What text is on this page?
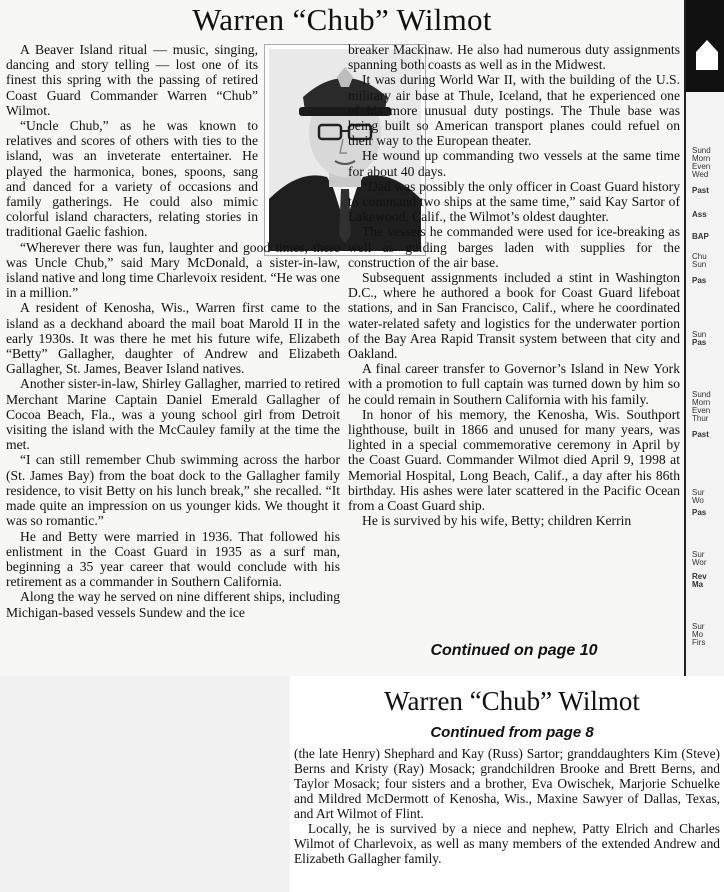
Sund
Morn
Even
Wed
Past
Ass
BAP
Chu
Sun
Pas
Sun
Pas
Sund
Morn
Even
Thur
Past
Sur
Wo
Pas
Sur
Wor
Rev
Ma
Sur
Mo
Firs
Warren “Chub” Wilmot

A Beaver Island ritual — music, singing, dancing and story telling — lost one of its finest this spring with the passing of retired Coast Guard Commander Warren “Chub” Wilmot.

“Uncle Chub,” as he was known to relatives and scores of others with ties to the island, was an inveterate entertainer. He played the harmonica, bones, spoons, sang and danced for a variety of occasions and family gatherings. He could also mimic colorful island characters, relating stories in traditional Gaelic fashion.

“Wherever there was fun, laughter and good times, there was Uncle Chub,” said Mary McDonald, a sister-in-law, island native and long time Charlevoix resident. “He was one in a million.”

A resident of Kenosha, Wis., Warren first came to the island as a deckhand aboard the mail boat Marold II in the early 1930s. It was there he met his future wife, Elizabeth “Betty” Gallagher, daughter of Andrew and Elizabeth Gallagher, St. James, Beaver Island natives.

Another sister-in-law, Shirley Gallagher, married to retired Merchant Marine Captain Daniel Emerald Gallagher of Cocoa Beach, Fla., was a young school girl from Detroit visiting the island with the McCauley family at the time the met.

“I can still remember Chub swimming across the harbor (St. James Bay) from the boat dock to the Gallagher family residence, to visit Betty on his lunch break,” she recalled. “It made quite an impression on us younger kids. We thought it was so romantic.”

He and Betty were married in 1936. That followed his enlistment in the Coast Guard in 1935 as a surf man, beginning a 35 year career that would conclude with his retirement as a commander in Southern California.

Along the way he served on nine different ships, including Michigan-based vessels Sundew and the ice

breaker Mackinaw. He also had numerous duty assignments spanning both coasts as well as in the Midwest.

It was during World War II, with the building of the U.S. military air base at Thule, Iceland, that he experienced one of his more unusual duty postings. The Thule base was being built so American transport planes could refuel on their way to the European theater.

He wound up commanding two vessels at the same time for about 40 days.

“Dad was possibly the only officer in Coast Guard history to command two ships at the same time,” said Kay Sartor of Lakewood, Calif., the Wilmot’s oldest daughter.

The vessels he commanded were used for ice-breaking as well as guiding barges laden with supplies for the construction of the air base.

Subsequent assignments included a stint in Washington D.C., where he authored a book for Coast Guard lifeboat stations, and in San Francisco, Calif., where he coordinated water-related safety and logistics for the underwater portion of the Bay Area Rapid Transit system between that city and Oakland.

A final career transfer to Governor’s Island in New York with a promotion to full captain was turned down by him so he could remain in Southern California with his family.

In honor of his memory, the Kenosha, Wis. Southport lighthouse, built in 1866 and unused for many years, was lighted in a special commemorative ceremony in April by the Coast Guard. Commander Wilmot died April 9, 1998 at Memorial Hospital, Long Beach, Calif., a day after his 86th birthday. His ashes were later scattered in the Pacific Ocean from a Coast Guard ship.

He is survived by his wife, Betty; children Kerrin

Continued on page 10
Warren “Chub” Wilmot
Continued from page 8

(the late Henry) Shephard and Kay (Russ) Sartor; granddaughters Kim (Steve) Berns and Kristy (Ray) Mosack; grandchildren Brooke and Brett Berns, and Taylor Mosack; four sisters and a brother, Eva Owischek, Marjorie Schuelke and Mildred McDermott of Kenosha, Wis., Maxine Sawyer of Dallas, Texas, and Art Wilmot of Flint.

Locally, he is survived by a niece and nephew, Patty Elrich and Charles Wilmot of Charlevoix, as well as many members of the extended Andrew and Elizabeth Gallagher family.
